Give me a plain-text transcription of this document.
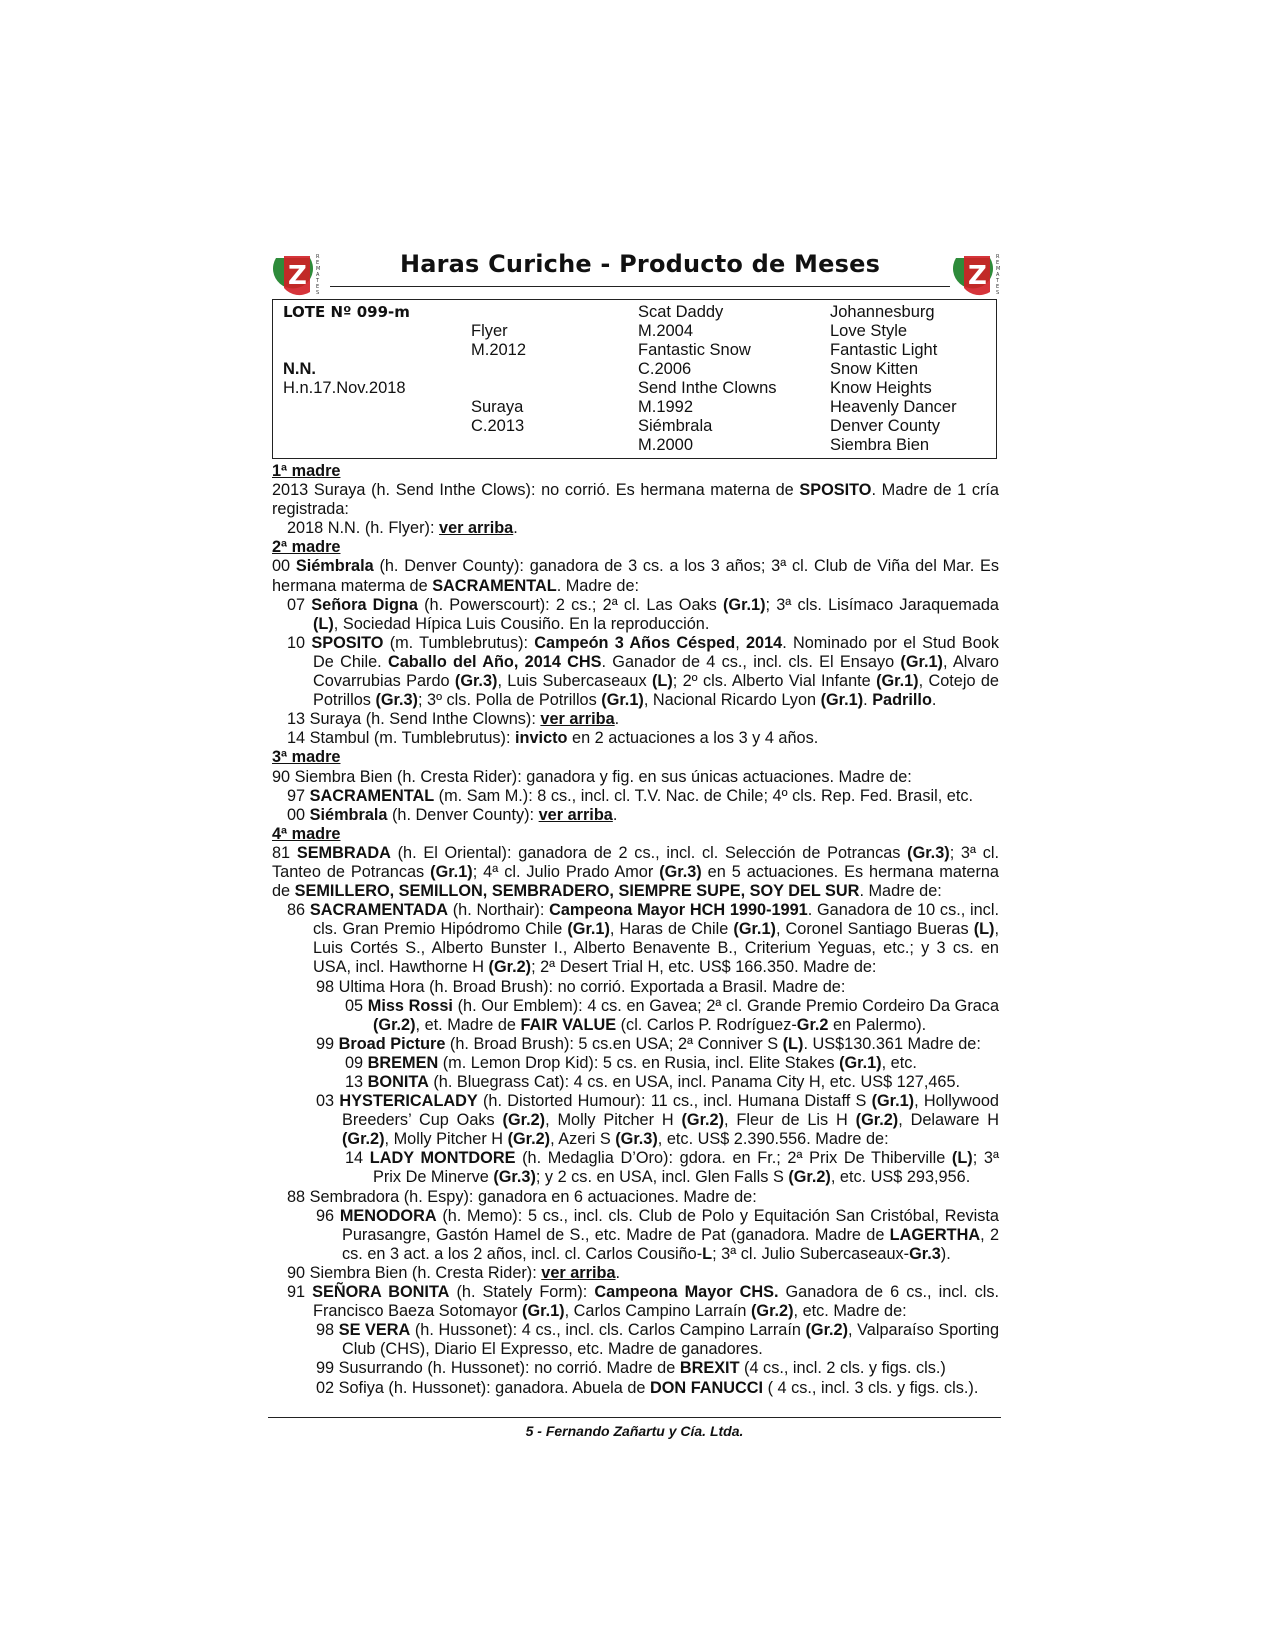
Z
R
E
M
A
T
E
S
Z
R
E
M
A
T
E
S
Haras Curiche - Producto de Meses
LOTE Nº 099-m
N.N.
H.n.17.Nov.2018
Flyer
M.2012
Suraya
C.2013
Scat Daddy
M.2004
Fantastic Snow
C.2006
Send Inthe Clowns
M.1992
Siémbrala
M.2000
Johannesburg
Love Style
Fantastic Light
Snow Kitten
Know Heights
Heavenly Dancer
Denver County
Siembra Bien
1ª madre
2013 Suraya (h. Send Inthe Clows): no corrió. Es hermana materna de SPOSITO. Madre de 1 cría registrada:
2018 N.N. (h. Flyer): ver arriba.
2ª madre
00 Siémbrala (h. Denver County): ganadora de 3 cs. a los 3 años; 3ª cl. Club de Viña del Mar. Es hermana materma de SACRAMENTAL. Madre de:
07 Señora Digna (h. Powerscourt): 2 cs.; 2ª cl. Las Oaks (Gr.1); 3ª cls. Lisímaco Jaraquemada (L), Sociedad Hípica Luis Cousiño. En la reproducción.
10 SPOSITO (m. Tumblebrutus): Campeón 3 Años Césped, 2014. Nominado por el Stud Book De Chile. Caballo del Año, 2014 CHS. Ganador de 4 cs., incl. cls. El Ensayo (Gr.1), Alvaro Covarrubias Pardo (Gr.3), Luis Subercaseaux (L); 2º cls. Alberto Vial Infante (Gr.1), Cotejo de Potrillos (Gr.3); 3º cls. Polla de Potrillos (Gr.1), Nacional Ricardo Lyon (Gr.1). Padrillo.
13 Suraya (h. Send Inthe Clowns): ver arriba.
14 Stambul (m. Tumblebrutus): invicto en 2 actuaciones a los 3 y 4 años.
3ª madre
90 Siembra Bien (h. Cresta Rider): ganadora y fig. en sus únicas actuaciones. Madre de:
97 SACRAMENTAL (m. Sam M.): 8 cs., incl. cl. T.V. Nac. de Chile; 4º cls. Rep. Fed. Brasil, etc.
00 Siémbrala (h. Denver County): ver arriba.
4ª madre
81 SEMBRADA (h. El Oriental): ganadora de 2 cs., incl. cl. Selección de Potrancas (Gr.3); 3ª cl. Tanteo de Potrancas (Gr.1); 4ª cl. Julio Prado Amor (Gr.3) en 5 actuaciones. Es hermana materna de SEMILLERO, SEMILLON, SEMBRADERO, SIEMPRE SUPE, SOY DEL SUR. Madre de:
86 SACRAMENTADA (h. Northair): Campeona Mayor HCH 1990-1991. Ganadora de 10 cs., incl. cls. Gran Premio Hipódromo Chile (Gr.1), Haras de Chile (Gr.1), Coronel Santiago Bueras (L), Luis Cortés S., Alberto Bunster I., Alberto Benavente B., Criterium Yeguas, etc.; y 3 cs. en USA, incl. Hawthorne H (Gr.2); 2ª Desert Trial H, etc. US$ 166.350. Madre de:
98 Ultima Hora (h. Broad Brush): no corrió. Exportada a Brasil. Madre de:
05 Miss Rossi (h. Our Emblem): 4 cs. en Gavea; 2ª cl. Grande Premio Cordeiro Da Graca (Gr.2), et. Madre de FAIR VALUE (cl. Carlos P. Rodríguez-Gr.2 en Palermo).
99 Broad Picture (h. Broad Brush): 5 cs.en USA; 2ª Conniver S (L). US$130.361 Madre de:
09 BREMEN (m. Lemon Drop Kid): 5 cs. en Rusia, incl. Elite Stakes (Gr.1), etc.
13 BONITA (h. Bluegrass Cat): 4 cs. en USA, incl. Panama City H, etc. US$ 127,465.
03 HYSTERICALADY (h. Distorted Humour): 11 cs., incl. Humana Distaff S (Gr.1), Hollywood Breeders’ Cup Oaks (Gr.2), Molly Pitcher H (Gr.2), Fleur de Lis H (Gr.2), Delaware H (Gr.2), Molly Pitcher H (Gr.2), Azeri S (Gr.3), etc. US$ 2.390.556. Madre de:
14 LADY MONTDORE (h. Medaglia D’Oro): gdora. en Fr.; 2ª Prix De Thiberville (L); 3ª Prix De Minerve (Gr.3); y 2 cs. en USA, incl. Glen Falls S (Gr.2), etc. US$ 293,956.
88 Sembradora (h. Espy): ganadora en 6 actuaciones. Madre de:
96 MENODORA (h. Memo): 5 cs., incl. cls. Club de Polo y Equitación San Cristóbal, Revista Purasangre, Gastón Hamel de S., etc. Madre de Pat (ganadora. Madre de LAGERTHA, 2 cs. en 3 act. a los 2 años, incl. cl. Carlos Cousiño-L; 3ª cl. Julio Subercaseaux-Gr.3).
90 Siembra Bien (h. Cresta Rider): ver arriba.
91 SEÑORA BONITA (h. Stately Form): Campeona Mayor CHS. Ganadora de 6 cs., incl. cls. Francisco Baeza Sotomayor (Gr.1), Carlos Campino Larraín (Gr.2), etc. Madre de:
98 SE VERA (h. Hussonet): 4 cs., incl. cls. Carlos Campino Larraín (Gr.2), Valparaíso Sporting Club (CHS), Diario El Expresso, etc. Madre de ganadores.
99 Susurrando (h. Hussonet): no corrió. Madre de BREXIT (4 cs., incl. 2 cls. y figs. cls.)
02 Sofiya (h. Hussonet): ganadora. Abuela de DON FANUCCI ( 4 cs., incl. 3 cls. y figs. cls.).
5 - Fernando Zañartu y Cía. Ltda.
